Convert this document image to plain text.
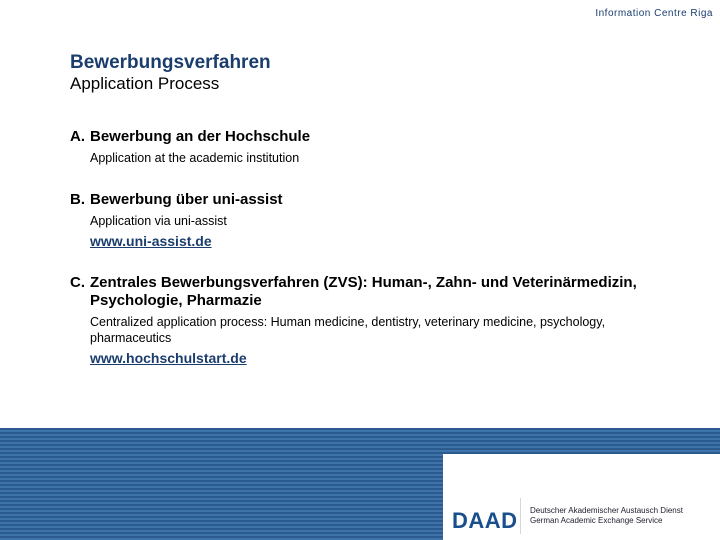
Information Centre Riga
Bewerbungsverfahren
Application Process
A. Bewerbung an der Hochschule
Application at the academic institution
B. Bewerbung über uni-assist
Application via uni-assist
www.uni-assist.de
C. Zentrales Bewerbungsverfahren (ZVS): Human-, Zahn- und Veterinärmedizin, Psychologie, Pharmazie
Centralized application process: Human medicine, dentistry, veterinary medicine, psychology, pharmaceutics
www.hochschulstart.de
DAAD Deutscher Akademischer Austausch Dienst
German Academic Exchange Service
